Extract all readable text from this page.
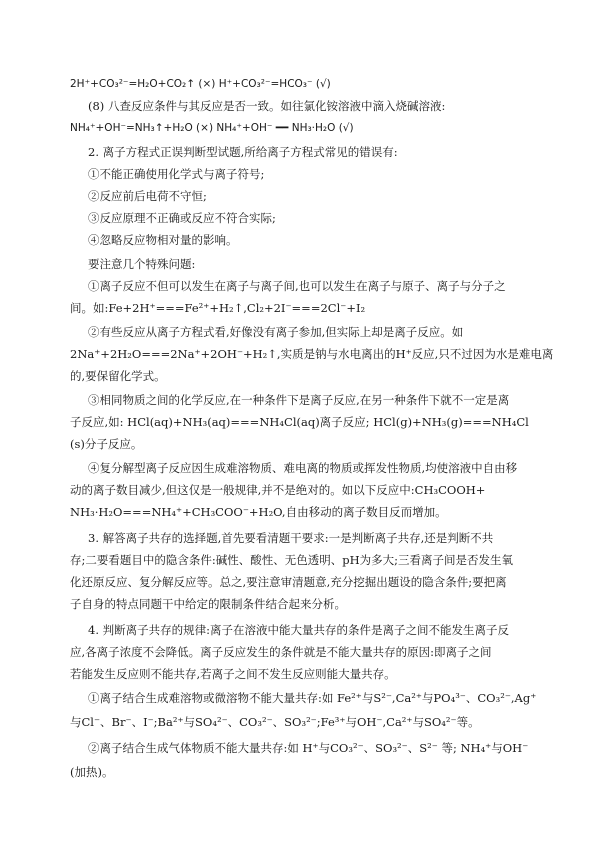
2H⁺+CO₃²⁻=H₂O+CO₂↑ (×) H⁺+CO₃²⁻=HCO₃⁻ (√)
(8) 八查反应条件与其反应是否一致。如往氯化铵溶液中滴入烧碱溶液:
NH₄⁺+OH⁻=NH₃↑+H₂O (×) NH₄⁺+OH⁻ ━━ NH₃·H₂O (√)
2. 离子方程式正误判断型试题,所给离子方程式常见的错误有:
①不能正确使用化学式与离子符号;
②反应前后电荷不守恒;
③反应原理不正确或反应不符合实际;
④忽略反应物相对量的影响。
要注意几个特殊问题:
①离子反应不但可以发生在离子与离子间,也可以发生在离子与原子、离子与分子之
间。如:Fe+2H⁺===Fe²⁺+H₂↑,Cl₂+2I⁻===2Cl⁻+I₂
②有些反应从离子方程式看,好像没有离子参加,但实际上却是离子反应。如
2Na⁺+2H₂O===2Na⁺+2OH⁻+H₂↑,实质是钠与水电离出的H⁺反应,只不过因为水是难电离
的,要保留化学式。
③相同物质之间的化学反应,在一种条件下是离子反应,在另一种条件下就不一定是离
子反应,如: HCl(aq)+NH₃(aq)===NH₄Cl(aq)离子反应; HCl(g)+NH₃(g)===NH₄Cl
(s)分子反应。
④复分解型离子反应因生成难溶物质、难电离的物质或挥发性物质,均使溶液中自由移
动的离子数目减少,但这仅是一般规律,并不是绝对的。如以下反应中:CH₃COOH+
NH₃·H₂O===NH₄⁺+CH₃COO⁻+H₂O,自由移动的离子数目反而增加。
3. 解答离子共存的选择题,首先要看清题干要求:一是判断离子共存,还是判断不共
存;二要看题目中的隐含条件:碱性、酸性、无色透明、pH为多大;三看离子间是否发生氧
化还原反应、复分解反应等。总之,要注意审清题意,充分挖掘出题设的隐含条件;要把离
子自身的特点同题干中给定的限制条件结合起来分析。
4. 判断离子共存的规律:离子在溶液中能大量共存的条件是离子之间不能发生离子反
应,各离子浓度不会降低。离子反应发生的条件就是不能大量共存的原因:即离子之间
若能发生反应则不能共存,若离子之间不发生反应则能大量共存。
①离子结合生成难溶物或微溶物不能大量共存:如 Fe²⁺与S²⁻,Ca²⁺与PO₄³⁻、CO₃²⁻,Ag⁺
与Cl⁻、Br⁻、I⁻;Ba²⁺与SO₄²⁻、CO₃²⁻、SO₃²⁻;Fe³⁺与OH⁻,Ca²⁺与SO₄²⁻等。
②离子结合生成气体物质不能大量共存:如 H⁺与CO₃²⁻、SO₃²⁻、S²⁻ 等; NH₄⁺与OH⁻
(加热)。
